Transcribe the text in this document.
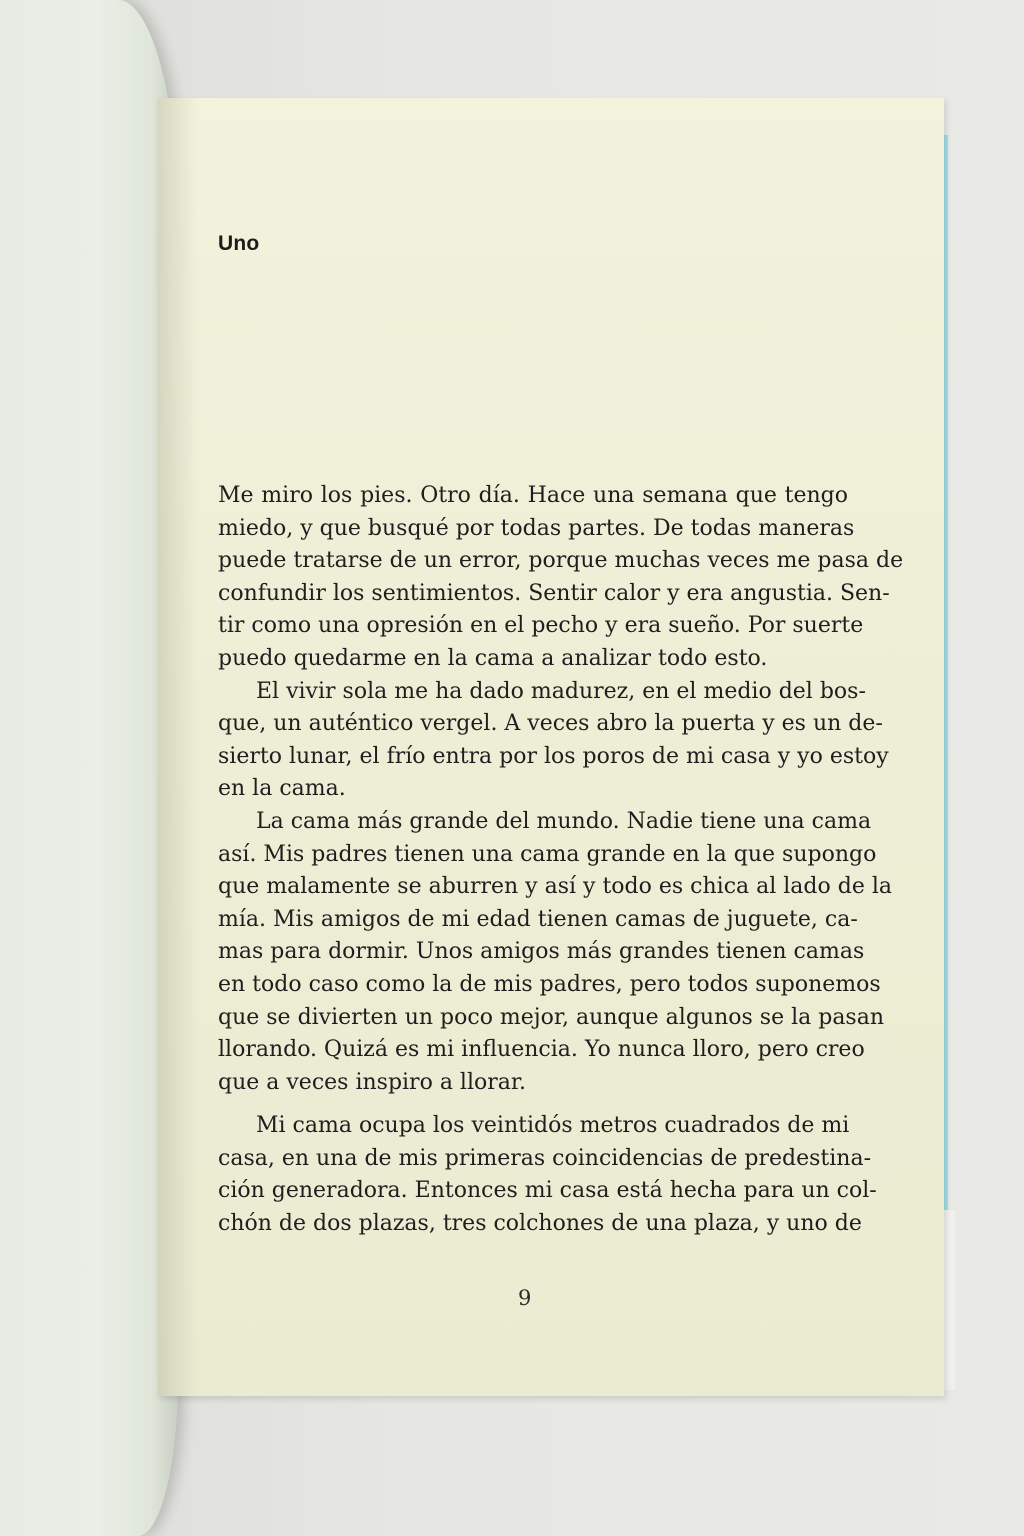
Uno
Me miro los pies. Otro día. Hace una semana que tengo
miedo, y que busqué por todas partes. De todas maneras
puede tratarse de un error, porque muchas veces me pasa de
confundir los sentimientos. Sentir calor y era angustia. Sen-
tir como una opresión en el pecho y era sueño. Por suerte
puedo quedarme en la cama a analizar todo esto.
El vivir sola me ha dado madurez, en el medio del bos-
que, un auténtico vergel. A veces abro la puerta y es un de-
sierto lunar, el frío entra por los poros de mi casa y yo estoy
en la cama.
La cama más grande del mundo. Nadie tiene una cama
así. Mis padres tienen una cama grande en la que supongo
que malamente se aburren y así y todo es chica al lado de la
mía. Mis amigos de mi edad tienen camas de juguete, ca-
mas para dormir. Unos amigos más grandes tienen camas
en todo caso como la de mis padres, pero todos suponemos
que se divierten un poco mejor, aunque algunos se la pasan
llorando. Quizá es mi influencia. Yo nunca lloro, pero creo
que a veces inspiro a llorar.
Mi cama ocupa los veintidós metros cuadrados de mi
casa, en una de mis primeras coincidencias de predestina-
ción generadora. Entonces mi casa está hecha para un col-
chón de dos plazas, tres colchones de una plaza, y uno de
9
